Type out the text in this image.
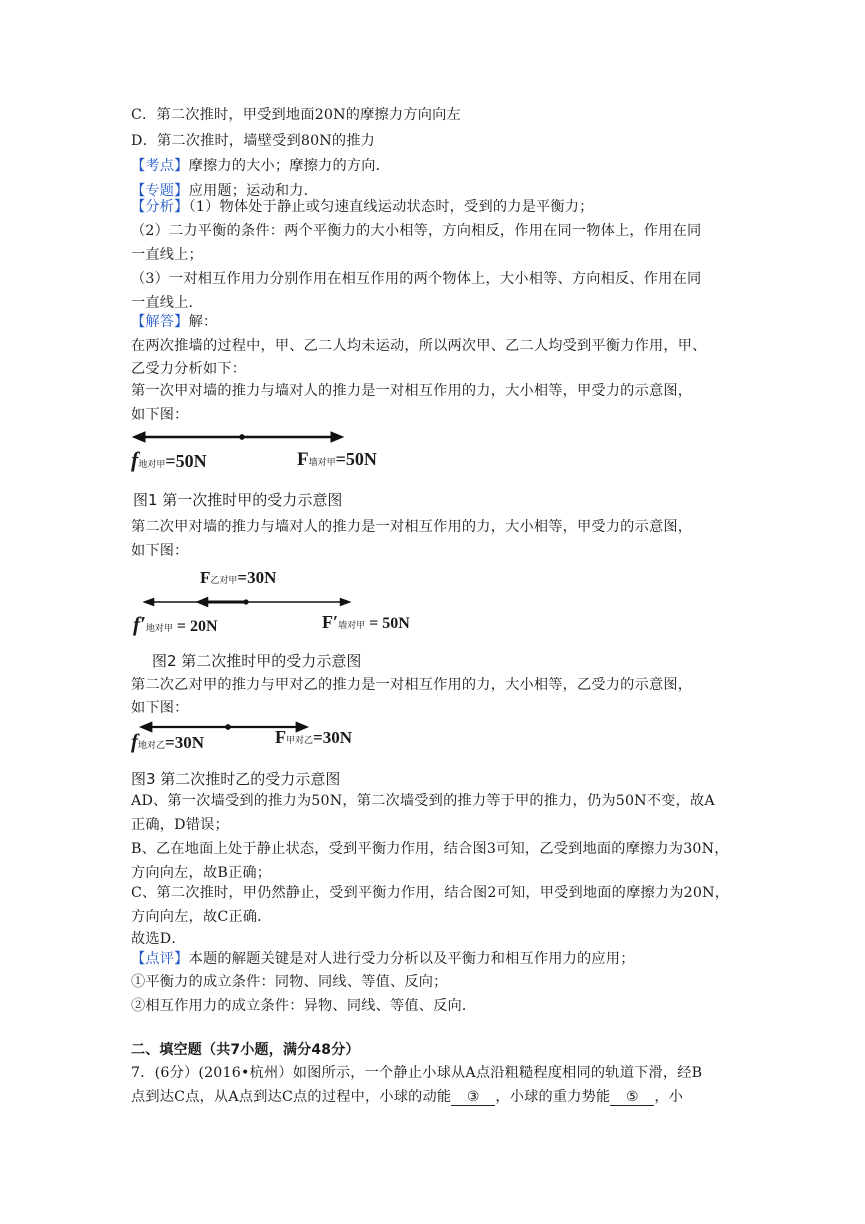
C．第二次推时，甲受到地面20N的摩擦力方向向左
D．第二次推时，墙壁受到80N的推力
【考点】摩擦力的大小；摩擦力的方向．
【专题】应用题；运动和力．
【分析】（1）物体处于静止或匀速直线运动状态时，受到的力是平衡力；
（2）二力平衡的条件：两个平衡力的大小相等，方向相反，作用在同一物体上，作用在同
一直线上；
（3）一对相互作用力分别作用在相互作用的两个物体上，大小相等、方向相反、作用在同
一直线上．
【解答】解：
在两次推墙的过程中，甲、乙二人均未运动，所以两次甲、乙二人均受到平衡力作用，甲、
乙受力分析如下：
第一次甲对墙的推力与墙对人的推力是一对相互作用的力，大小相等，甲受力的示意图，
如下图：
f地对甲=50N	F墙对甲=50N
图1 第一次推时甲的受力示意图
第二次甲对墙的推力与墙对人的推力是一对相互作用的力，大小相等，甲受力的示意图，
如下图：
F乙对甲=30N
f′地对甲 = 20N	F′墙对甲 = 50N
图2 第二次推时甲的受力示意图
第二次乙对甲的推力与甲对乙的推力是一对相互作用的力，大小相等，乙受力的示意图，
如下图：
f地对乙=30N	F甲对乙=30N
图3 第二次推时乙的受力示意图
AD、第一次墙受到的推力为50N，第二次墙受到的推力等于甲的推力，仍为50N不变，故A
正确，D错误；
B、乙在地面上处于静止状态，受到平衡力作用，结合图3可知，乙受到地面的摩擦力为30N，
方向向左，故B正确；
C、第二次推时，甲仍然静止，受到平衡力作用，结合图2可知，甲受到地面的摩擦力为20N，
方向向左，故C正确．
故选D．
【点评】本题的解题关键是对人进行受力分析以及平衡力和相互作用力的应用；
①平衡力的成立条件：同物、同线、等值、反向；
②相互作用力的成立条件：异物、同线、等值、反向．
二、填空题（共7小题，满分48分）
7．(6分）(2016•杭州）如图所示，一个静止小球从A点沿粗糙程度相同的轨道下滑，经B
点到达C点，从A点到达C点的过程中，小球的动能 ③ ，小球的重力势能 ⑤ ，小
